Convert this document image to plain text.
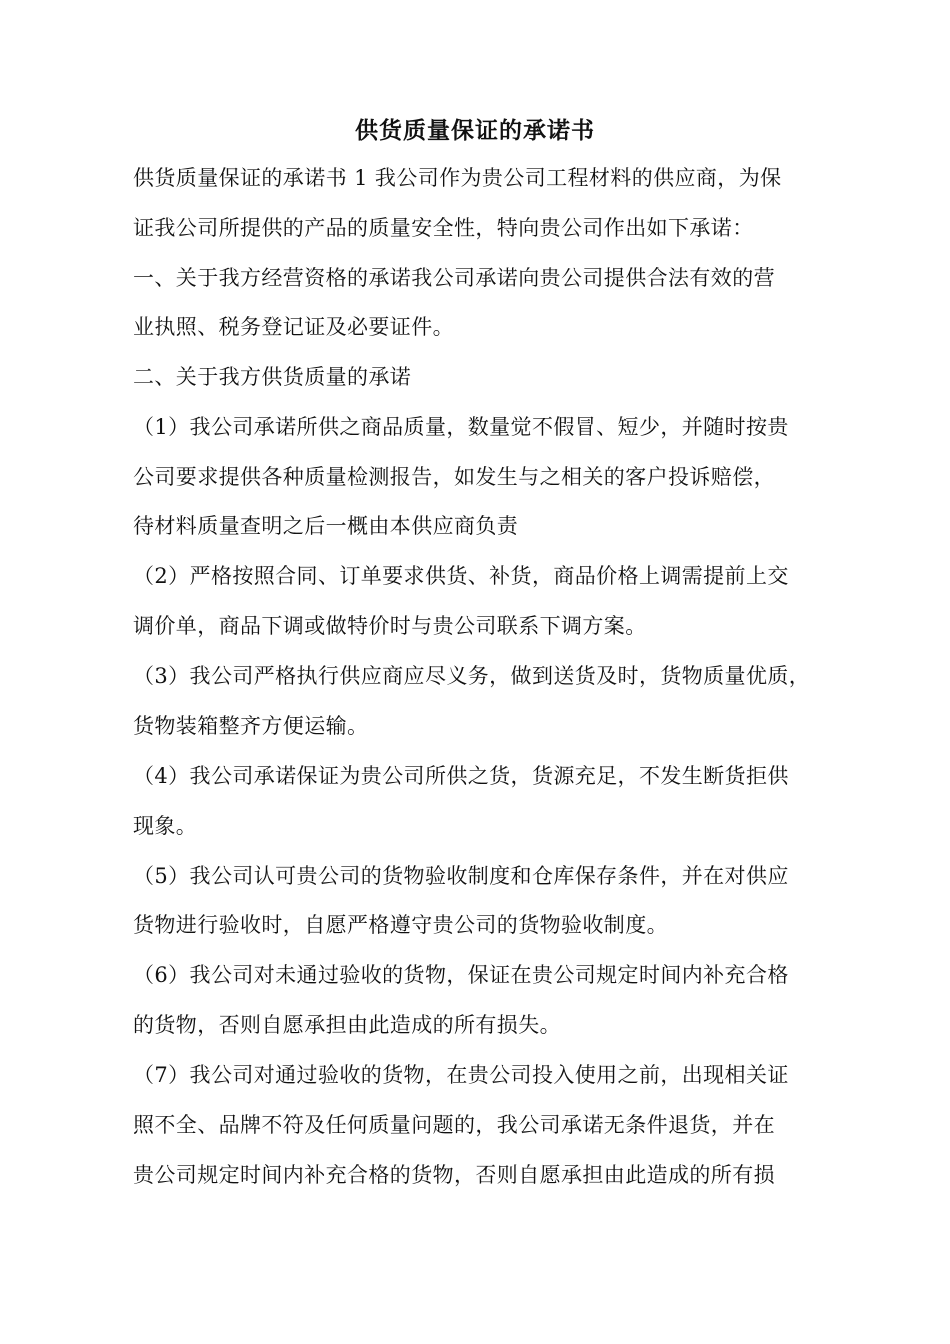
供货质量保证的承诺书
供货质量保证的承诺书 1 我公司作为贵公司工程材料的供应商，为保
证我公司所提供的产品的质量安全性，特向贵公司作出如下承诺：
一、关于我方经营资格的承诺我公司承诺向贵公司提供合法有效的营
业执照、税务登记证及必要证件。
二、关于我方供货质量的承诺
（1）我公司承诺所供之商品质量，数量觉不假冒、短少，并随时按贵
公司要求提供各种质量检测报告，如发生与之相关的客户投诉赔偿，
待材料质量查明之后一概由本供应商负责
（2）严格按照合同、订单要求供货、补货，商品价格上调需提前上交
调价单，商品下调或做特价时与贵公司联系下调方案。
（3）我公司严格执行供应商应尽义务，做到送货及时，货物质量优质，
货物装箱整齐方便运输。
（4）我公司承诺保证为贵公司所供之货，货源充足，不发生断货拒供
现象。
（5）我公司认可贵公司的货物验收制度和仓库保存条件，并在对供应
货物进行验收时，自愿严格遵守贵公司的货物验收制度。
（6）我公司对未通过验收的货物，保证在贵公司规定时间内补充合格
的货物，否则自愿承担由此造成的所有损失。
（7）我公司对通过验收的货物，在贵公司投入使用之前，出现相关证
照不全、品牌不符及任何质量问题的，我公司承诺无条件退货，并在
贵公司规定时间内补充合格的货物，否则自愿承担由此造成的所有损
